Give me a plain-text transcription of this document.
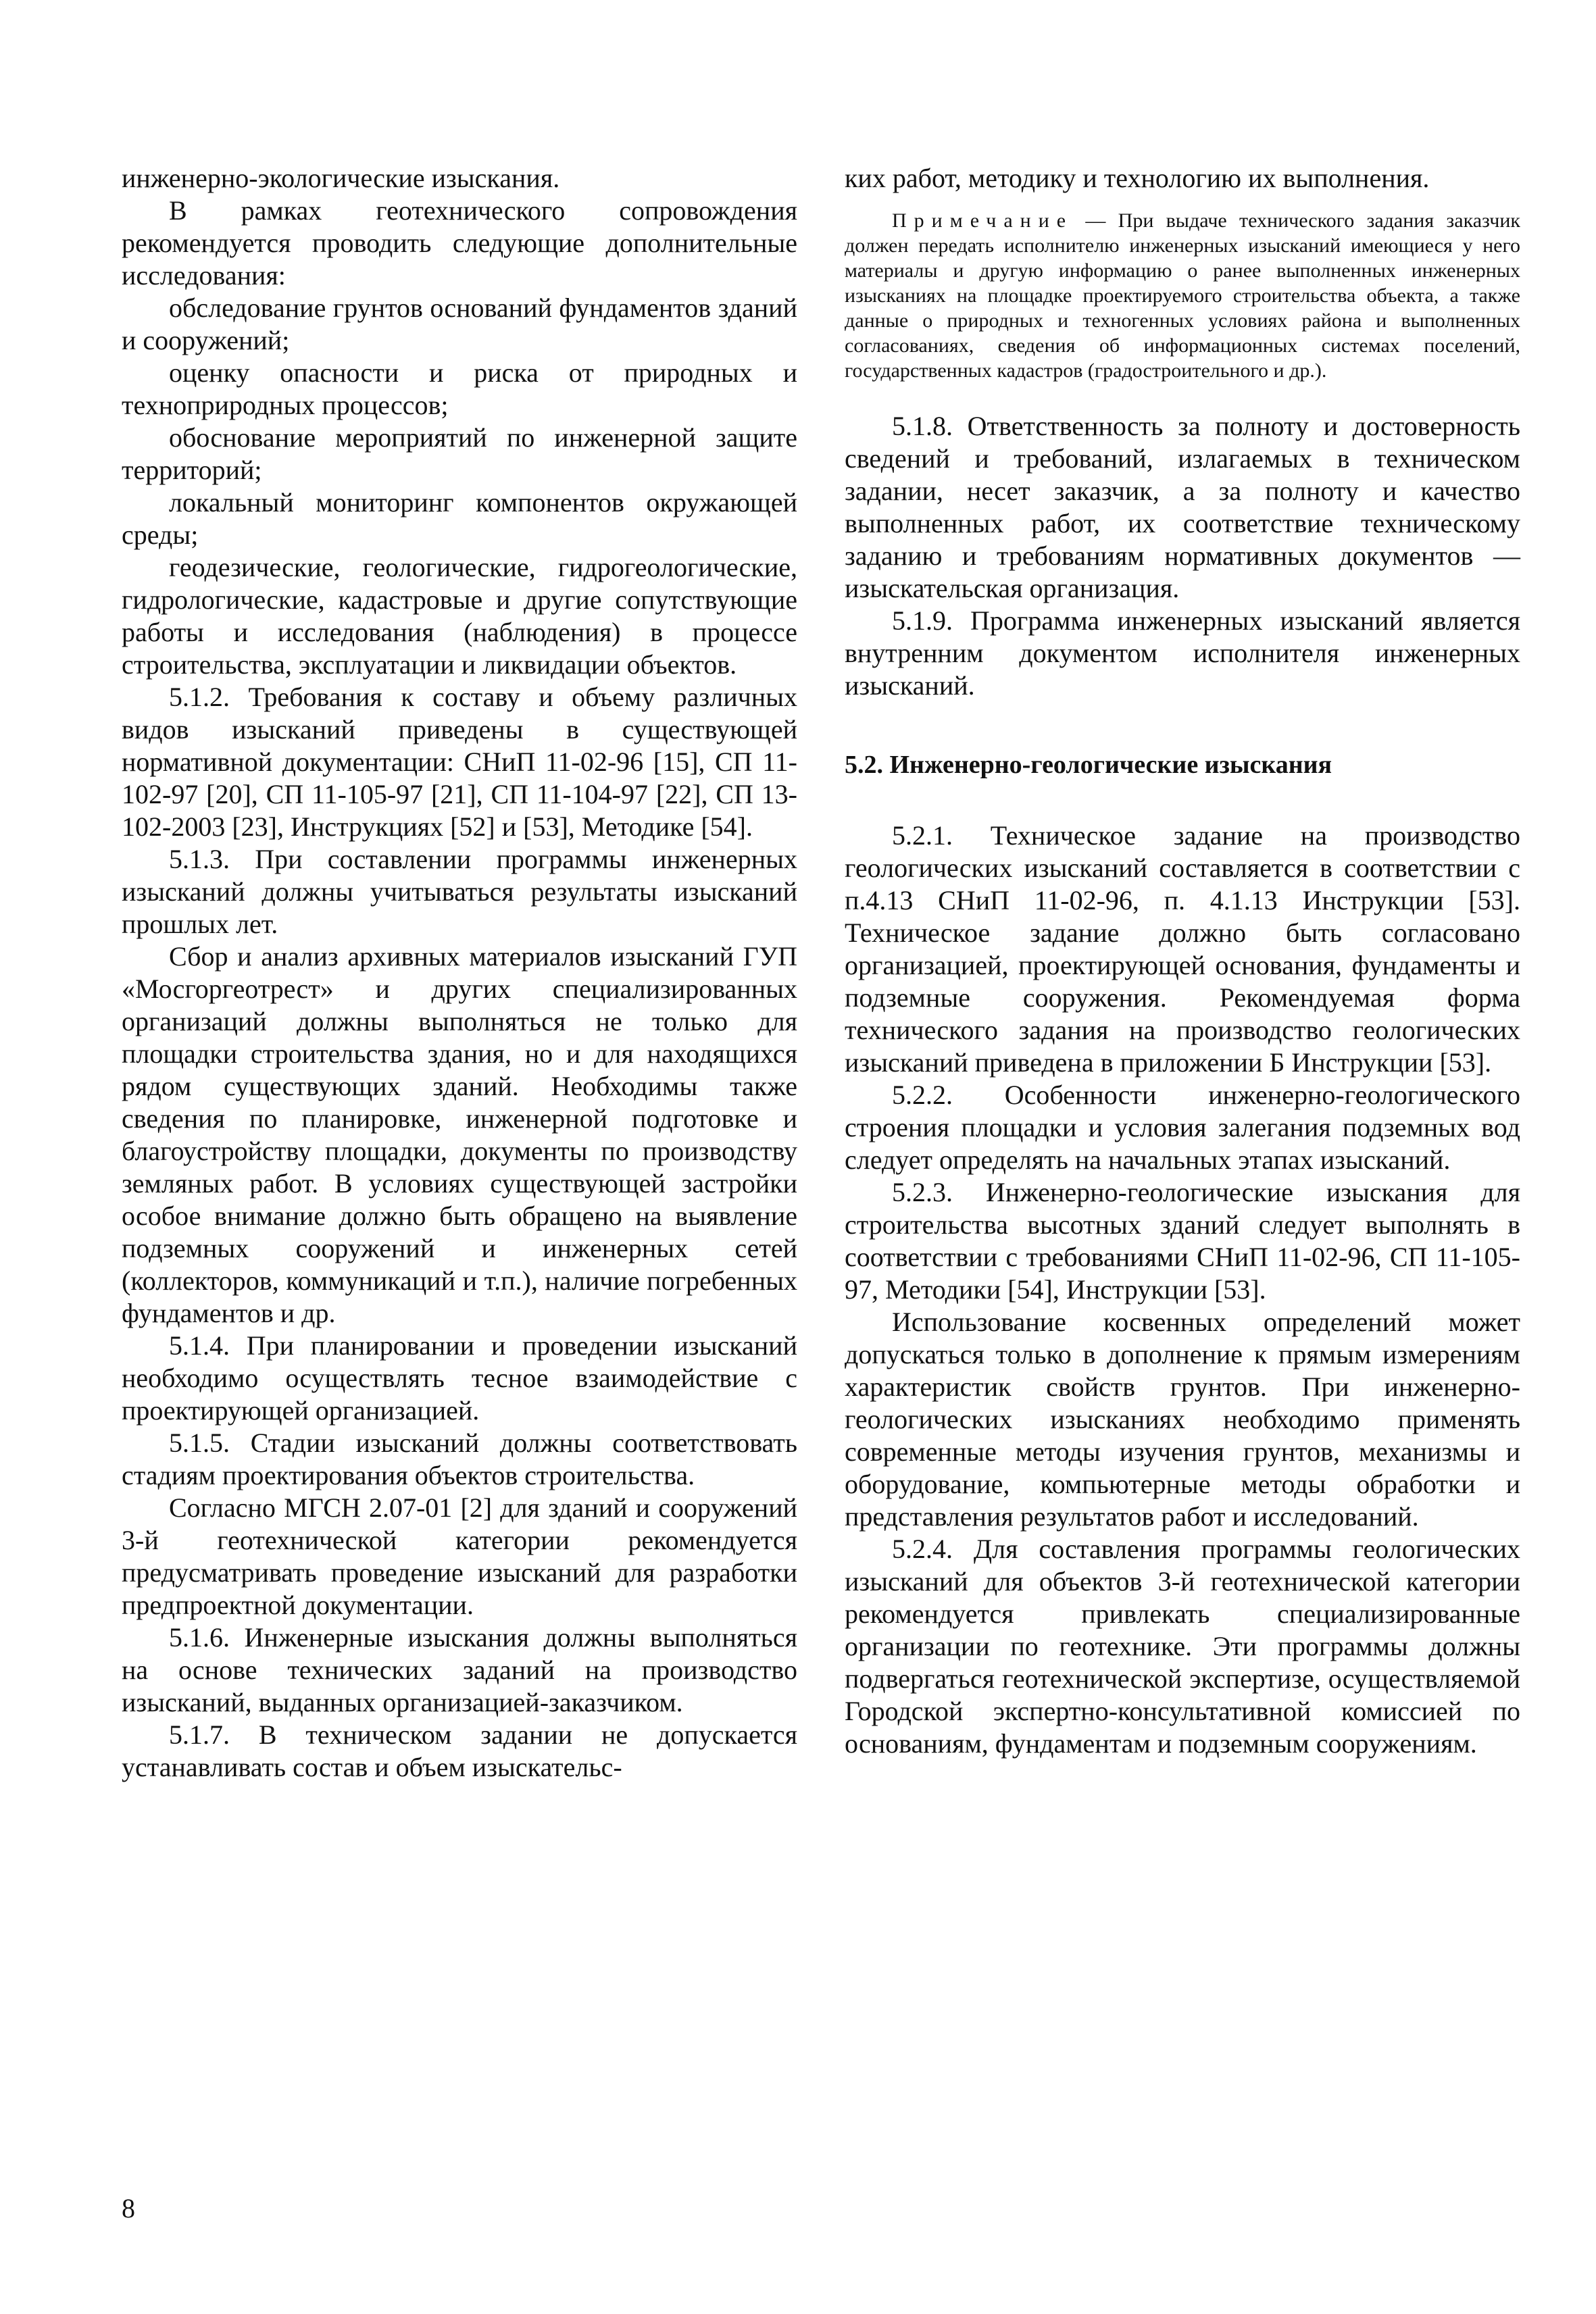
инженерно-экологические изыскания.

В рамках геотехнического сопровождения рекомендуется проводить следующие дополнительные исследования:

обследование грунтов оснований фундаментов зданий и сооружений;

оценку опасности и риска от природных и техноприродных процессов;

обоснование мероприятий по инженерной защите территорий;

локальный мониторинг компонентов окружающей среды;

геодезические, геологические, гидрогеологические, гидрологические, кадастровые и другие сопутствующие работы и исследования (наблюдения) в процессе строительства, эксплуатации и ликвидации объектов.

5.1.2. Требования к составу и объему различных видов изысканий приведены в существующей нормативной документации: СНиП 11-02-96 [15], СП 11-102-97 [20], СП 11-105-97 [21], СП 11-104-97 [22], СП 13-102-2003 [23], Инструкциях [52] и [53], Методике [54].

5.1.3. При составлении программы инженерных изысканий должны учитываться результаты изысканий прошлых лет.

Сбор и анализ архивных материалов изысканий ГУП «Мосгоргеотрест» и других специализированных организаций должны выполняться не только для площадки строительства здания, но и для находящихся рядом существующих зданий. Необходимы также сведения по планировке, инженерной подготовке и благоустройству площадки, документы по производству земляных работ. В условиях существующей застройки особое внимание должно быть обращено на выявление подземных сооружений и инженерных сетей (коллекторов, коммуникаций и т.п.), наличие погребенных фундаментов и др.

5.1.4. При планировании и проведении изысканий необходимо осуществлять тесное взаимодействие с проектирующей организацией.

5.1.5. Стадии изысканий должны соответствовать стадиям проектирования объектов строительства.

Согласно МГСН 2.07-01 [2] для зданий и сооружений 3-й геотехнической категории рекомендуется предусматривать проведение изысканий для разработки предпроектной документации.

5.1.6. Инженерные изыскания должны выполняться на основе технических заданий на производство изысканий, выданных организацией-заказчиком.

5.1.7. В техническом задании не допускается устанавливать состав и объем изыскательс-

ких работ, методику и технологию их выполнения.

Примечание — При выдаче технического задания заказчик должен передать исполнителю инженерных изысканий имеющиеся у него материалы и другую информацию о ранее выполненных инженерных изысканиях на площадке проектируемого строительства объекта, а также данные о природных и техногенных условиях района и выполненных согласованиях, сведения об информационных системах поселений, государственных кадастров (градостроительного и др.).

5.1.8. Ответственность за полноту и достоверность сведений и требований, излагаемых в техническом задании, несет заказчик, а за полноту и качество выполненных работ, их соответствие техническому заданию и требованиям нормативных документов — изыскательская организация.

5.1.9. Программа инженерных изысканий является внутренним документом исполнителя инженерных изысканий.

5.2. Инженерно-геологические изыскания

5.2.1. Техническое задание на производство геологических изысканий составляется в соответствии с п.4.13 СНиП 11-02-96, п. 4.1.13 Инструкции [53]. Техническое задание должно быть согласовано организацией, проектирующей основания, фундаменты и подземные сооружения. Рекомендуемая форма технического задания на производство геологических изысканий приведена в приложении Б Инструкции [53].

5.2.2. Особенности инженерно-геологического строения площадки и условия залегания подземных вод следует определять на начальных этапах изысканий.

5.2.3. Инженерно-геологические изыскания для строительства высотных зданий следует выполнять в соответствии с требованиями СНиП 11-02-96, СП 11-105-97, Методики [54], Инструкции [53].

Использование косвенных определений может допускаться только в дополнение к прямым измерениям характеристик свойств грунтов. При инженерно-геологических изысканиях необходимо применять современные методы изучения грунтов, механизмы и оборудование, компьютерные методы обработки и представления результатов работ и исследований.

5.2.4. Для составления программы геологических изысканий для объектов 3-й геотехнической категории рекомендуется привлекать специализированные организации по геотехнике. Эти программы должны подвергаться геотехнической экспертизе, осуществляемой Городской экспертно-консультативной комиссией по основаниям, фундаментам и подземным сооружениям.

8
